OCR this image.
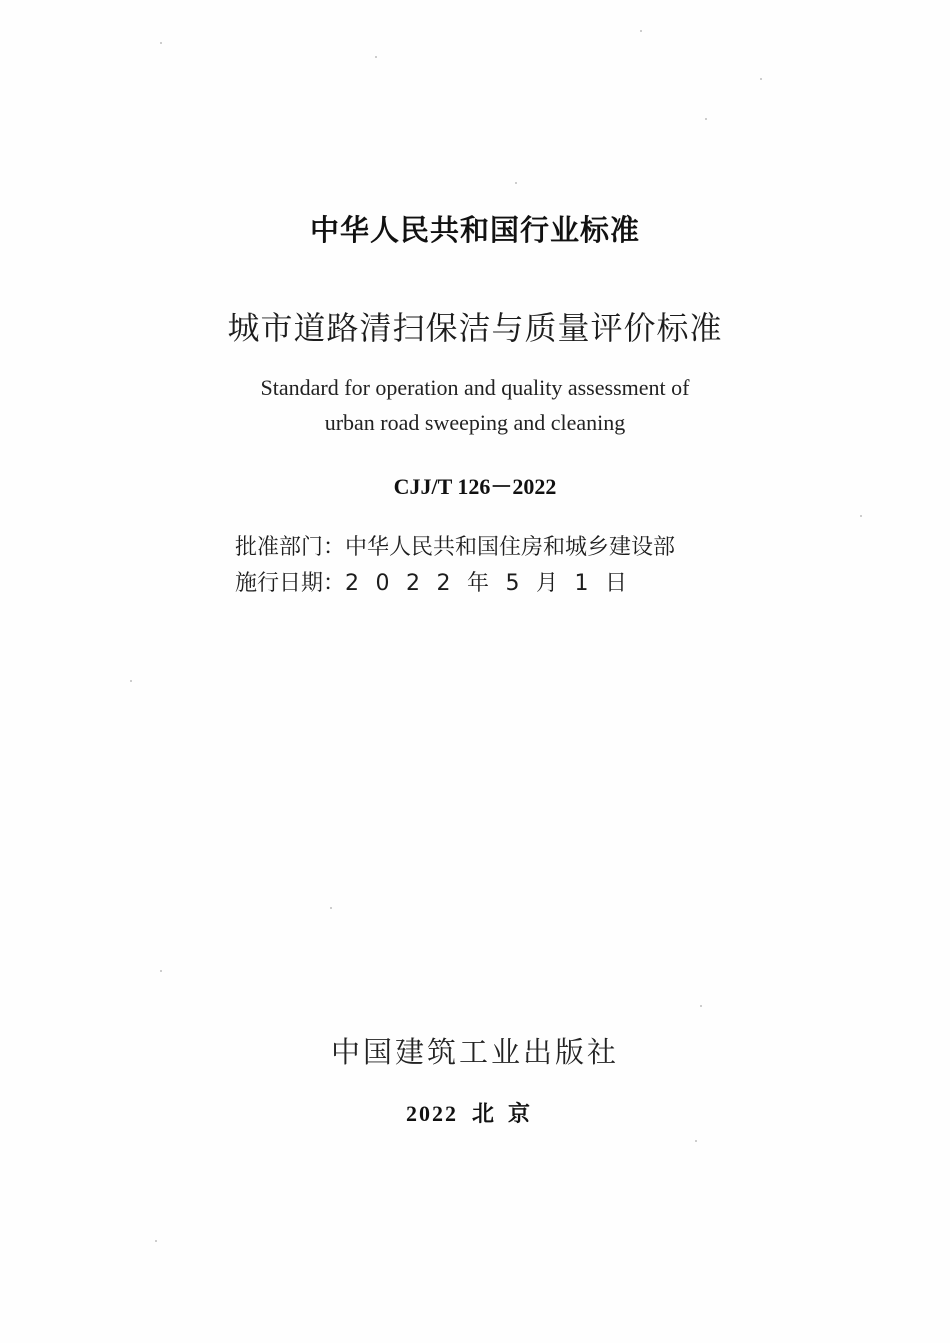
中华人民共和国行业标准
城市道路清扫保洁与质量评价标准
Standard for operation and quality assessment of
urban road sweeping and cleaning
CJJ/T 126－2022
批准部门：中华人民共和国住房和城乡建设部
施行日期：2022年5月1日
中国建筑工业出版社
2022 北京
